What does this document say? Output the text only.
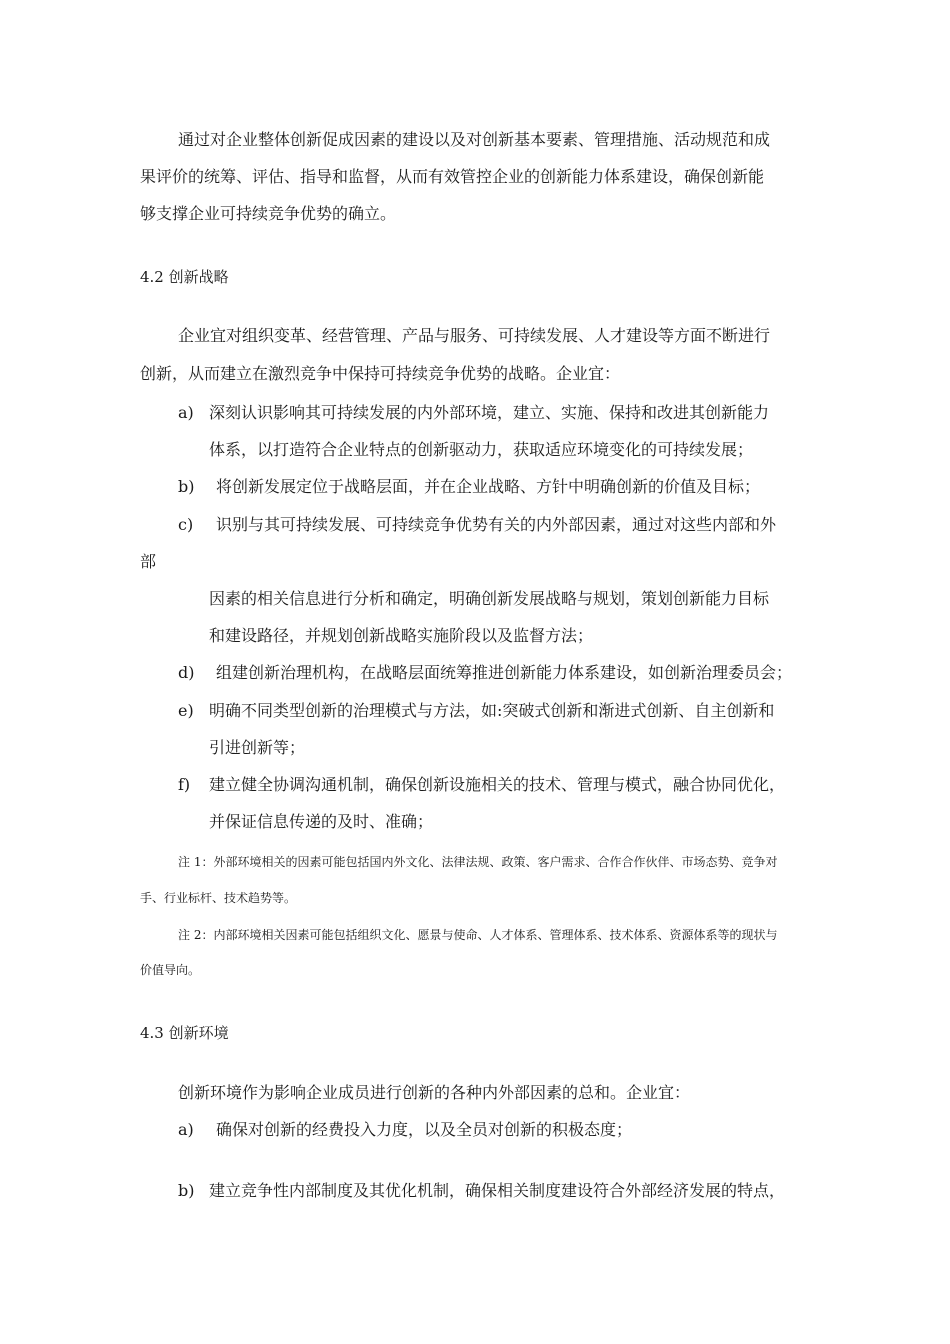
通过对企业整体创新促成因素的建设以及对创新基本要素、管理措施、活动规范和成
果评价的统筹、评估、指导和监督，从而有效管控企业的创新能力体系建设，确保创新能
够支撑企业可持续竞争优势的确立。
4.2 创新战略
企业宜对组织变革、经营管理、产品与服务、可持续发展、人才建设等方面不断进行
创新，从而建立在激烈竞争中保持可持续竞争优势的战略。企业宜：
a) 深刻认识影响其可持续发展的内外部环境，建立、实施、保持和改进其创新能力
体系，以打造符合企业特点的创新驱动力，获取适应环境变化的可持续发展；
b) 将创新发展定位于战略层面，并在企业战略、方针中明确创新的价值及目标；
c) 识别与其可持续发展、可持续竞争优势有关的内外部因素，通过对这些内部和外
部
因素的相关信息进行分析和确定，明确创新发展战略与规划，策划创新能力目标
和建设路径，并规划创新战略实施阶段以及监督方法；
d) 组建创新治理机构，在战略层面统筹推进创新能力体系建设，如创新治理委员会；
e) 明确不同类型创新的治理模式与方法，如:突破式创新和渐进式创新、自主创新和
引进创新等；
f) 建立健全协调沟通机制，确保创新设施相关的技术、管理与模式，融合协同优化，
并保证信息传递的及时、准确；
注 1：外部环境相关的因素可能包括国内外文化、法律法规、政策、客户需求、合作合作伙伴、市场态势、竞争对
手、行业标杆、技术趋势等。
注 2：内部环境相关因素可能包括组织文化、愿景与使命、人才体系、管理体系、技术体系、资源体系等的现状与
价值导向。
4.3 创新环境
创新环境作为影响企业成员进行创新的各种内外部因素的总和。企业宜：
a) 确保对创新的经费投入力度，以及全员对创新的积极态度；
b) 建立竞争性内部制度及其优化机制，确保相关制度建设符合外部经济发展的特点，
